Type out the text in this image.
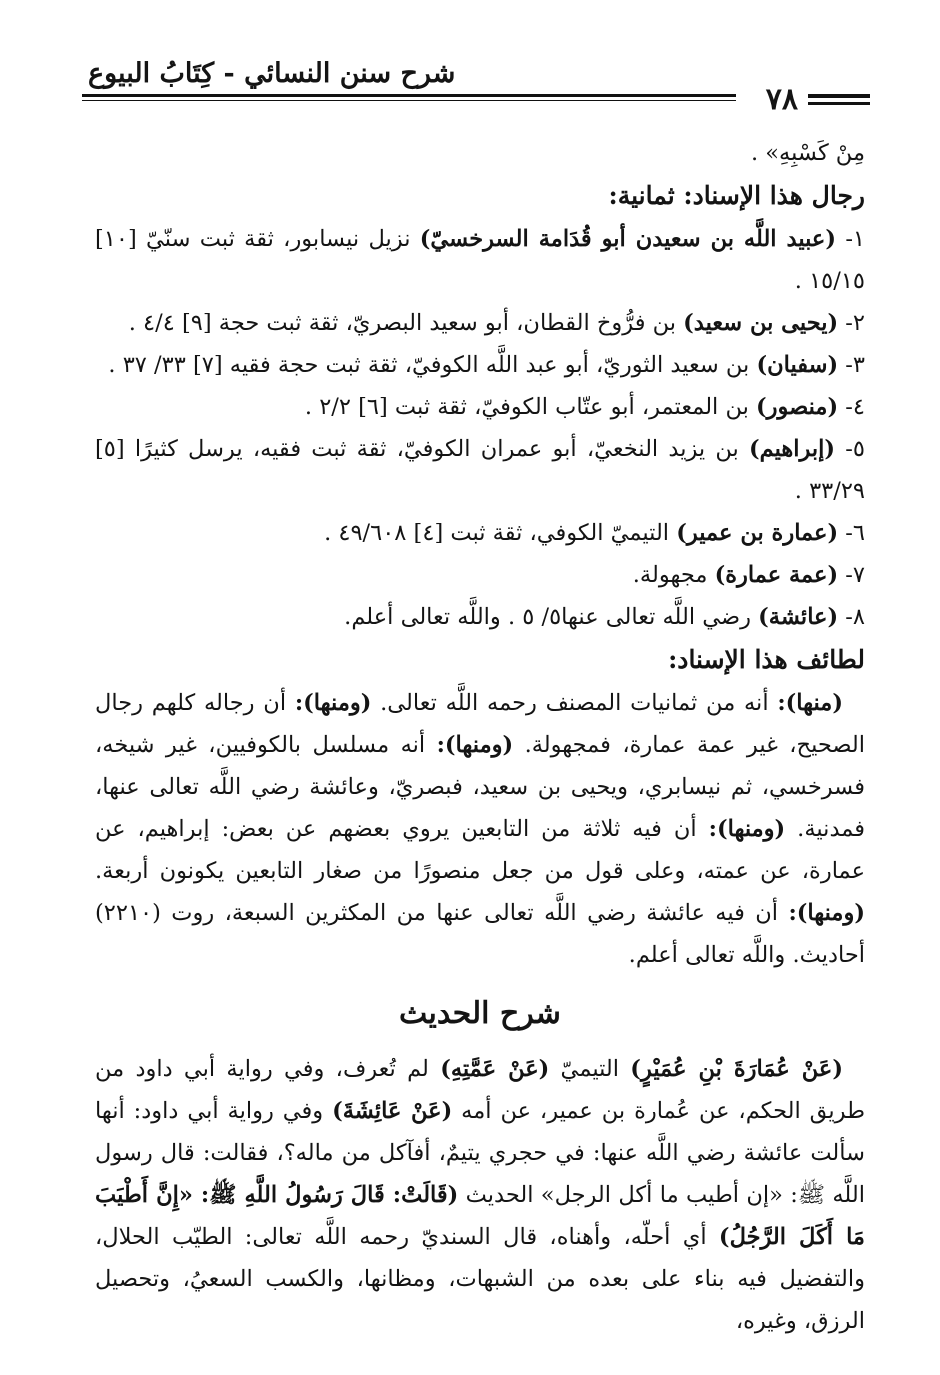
شرح سنن النسائي - كِتَابُ البيوع
٧٨

مِنْ كَسْبِهِ» .

رجال هذا الإسناد: ثمانية:

١- (عبيد اللَّه بن سعيدن أبو قُدَامة السرخسيّ) نزيل نيسابور، ثقة ثبت سنّيّ [١٠] ١٥/١٥ .

٢- (يحيى بن سعيد) بن فرُّوخ القطان، أبو سعيد البصريّ، ثقة ثبت حجة [٩] ٤/٤ .

٣- (سفيان) بن سعيد الثوريّ، أبو عبد اللَّه الكوفيّ، ثقة ثبت حجة فقيه [٧] ٣٣/ ٣٧ .

٤- (منصور) بن المعتمر، أبو عتّاب الكوفيّ، ثقة ثبت [٦] ٢/٢ .

٥- (إبراهيم) بن يزيد النخعيّ، أبو عمران الكوفيّ، ثقة ثبت فقيه، يرسل كثيرًا [٥] ٣٣/٢٩ .

٦- (عمارة بن عمير) التيميّ الكوفي، ثقة ثبت [٤] ٤٩/٦٠٨ .

٧- (عمة عمارة) مجهولة.

٨- (عائشة) رضي اللَّه تعالى عنها٥/ ٥ . واللَّه تعالى أعلم.

لطائف هذا الإسناد:

(منها): أنه من ثمانيات المصنف رحمه اللَّه تعالى. (ومنها): أن رجاله كلهم رجال الصحيح، غير عمة عمارة، فمجهولة. (ومنها): أنه مسلسل بالكوفيين، غير شيخه، فسرخسي، ثم نيسابري، ويحيى بن سعيد، فبصريّ، وعائشة رضي اللَّه تعالى عنها، فمدنية. (ومنها): أن فيه ثلاثة من التابعين يروي بعضهم عن بعض: إبراهيم، عن عمارة، عن عمته، وعلى قول من جعل منصورًا من صغار التابعين يكونون أربعة. (ومنها): أن فيه عائشة رضي اللَّه تعالى عنها من المكثرين السبعة، روت (٢٢١٠) أحاديث. واللَّه تعالى أعلم.

شرح الحديث

(عَنْ عُمَارَةَ بْنِ عُمَيْرٍ) التيميّ (عَنْ عَمَّتِهِ) لم تُعرف، وفي رواية أبي داود من طريق الحكم، عن عُمارة بن عمير، عن أمه (عَنْ عَائِشَةَ) وفي رواية أبي داود: أنها سألت عائشة رضي اللَّه عنها: في حجري يتيمٌ، أفآكل من ماله؟، فقالت: قال رسول اللَّه ﷺ: «إن أطيب ما أكل الرجل» الحديث (قَالَتْ: قَالَ رَسُولُ اللَّهِ ﷺ: «إِنَّ أَطْيَبَ مَا أَكَلَ الرَّجُلُ) أي أحلّه، وأهناه، قال السنديّ رحمه اللَّه تعالى: الطيّب الحلال، والتفضيل فيه بناء على بعده من الشبهات، ومظانها، والكسب السعيُ، وتحصيل الرزق، وغيره،
